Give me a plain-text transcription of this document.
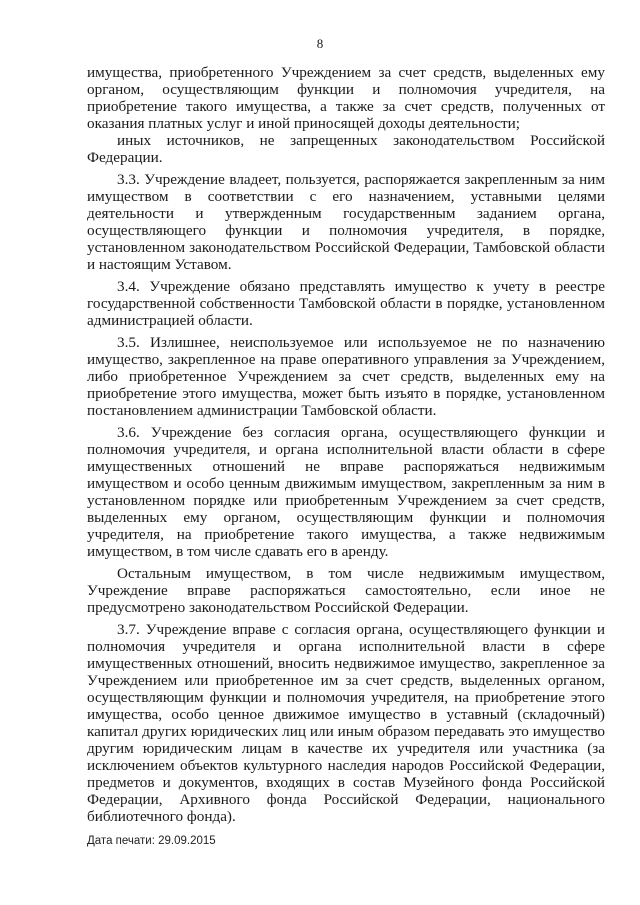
8

имущества, приобретенного Учреждением за счет средств, выделенных ему органом, осуществляющим функции и полномочия учредителя, на приобретение такого имущества, а также за счет средств, полученных от оказания платных услуг и иной приносящей доходы деятельности;

иных источников, не запрещенных законодательством Российской Федерации.

3.3. Учреждение владеет, пользуется, распоряжается закрепленным за ним имуществом в соответствии с его назначением, уставными целями деятельности и утвержденным государственным заданием органа, осуществляющего функции и полномочия учредителя, в порядке, установленном законодательством Российской Федерации, Тамбовской области и настоящим Уставом.

3.4. Учреждение обязано представлять имущество к учету в реестре государственной собственности Тамбовской области в порядке, установленном администрацией области.

3.5. Излишнее, неиспользуемое или используемое не по назначению имущество, закрепленное на праве оперативного управления за Учреждением, либо приобретенное Учреждением за счет средств, выделенных ему на приобретение этого имущества, может быть изъято в порядке, установленном постановлением администрации Тамбовской области.

3.6. Учреждение без согласия органа, осуществляющего функции и полномочия учредителя, и органа исполнительной власти области в сфере имущественных отношений не вправе распоряжаться недвижимым имуществом и особо ценным движимым имуществом, закрепленным за ним в установленном порядке или приобретенным Учреждением за счет средств, выделенных ему органом, осуществляющим функции и полномочия учредителя, на приобретение такого имущества, а также недвижимым имуществом, в том числе сдавать его в аренду.

Остальным имуществом, в том числе недвижимым имуществом, Учреждение вправе распоряжаться самостоятельно, если иное не предусмотрено законодательством Российской Федерации.

3.7. Учреждение вправе с согласия органа, осуществляющего функции и полномочия учредителя и органа исполнительной власти в сфере имущественных отношений, вносить недвижимое имущество, закрепленное за Учреждением или приобретенное им за счет средств, выделенных органом, осуществляющим функции и полномочия учредителя, на приобретение этого имущества, особо ценное движимое имущество в уставный (складочный) капитал других юридических лиц или иным образом передавать это имущество другим юридическим лицам в качестве их учредителя или участника (за исключением объектов культурного наследия народов Российской Федерации, предметов и документов, входящих в состав Музейного фонда Российской Федерации, Архивного фонда Российской Федерации, национального библиотечного фонда).

Дата печати: 29.09.2015
